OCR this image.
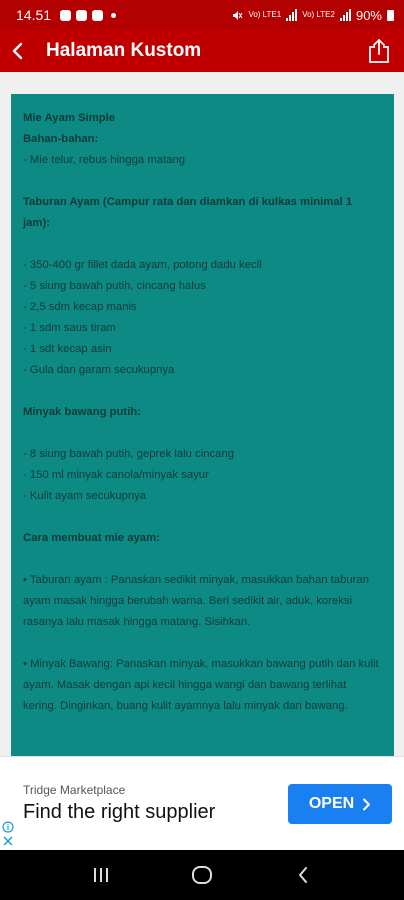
14.51	Vo) LTE1	Vo) LTE2 90%
Halaman Kustom

Mie Ayam Simple

Bahan-bahan:

- Mie telur, rebus hingga matang

Taburan Ayam (Campur rata dan diamkan di kulkas minimal 1 jam):

- 350-400 gr fillet dada ayam, potong dadu kecil

- 5 siung bawah putih, cincang halus

- 2,5 sdm kecap manis

- 1 sdm saus tiram

- 1 sdt kecap asin

- Gula dan garam secukupnya

Minyak bawang putih:

- 8 siung bawah putih, geprek lalu cincang

- 150 ml minyak canola/minyak sayur

- Kulit ayam secukupnya

Cara membuat mie ayam:

• Taburan ayam : Panaskan sedikit minyak, masukkan bahan taburan ayam masak hingga berubah warna. Beri sedikit air, aduk, koreksi rasanya lalu masak hingga matang. Sisihkan.

• Minyak Bawang: Panaskan minyak, masukkan bawang putih dan kulit ayam. Masak dengan api kecil hingga wangi dan bawang terlihat kering. Dinginkan, buang kulit ayamnya lalu minyak dan bawang.

Tridge Marketplace
Find the right supplier	OPEN
